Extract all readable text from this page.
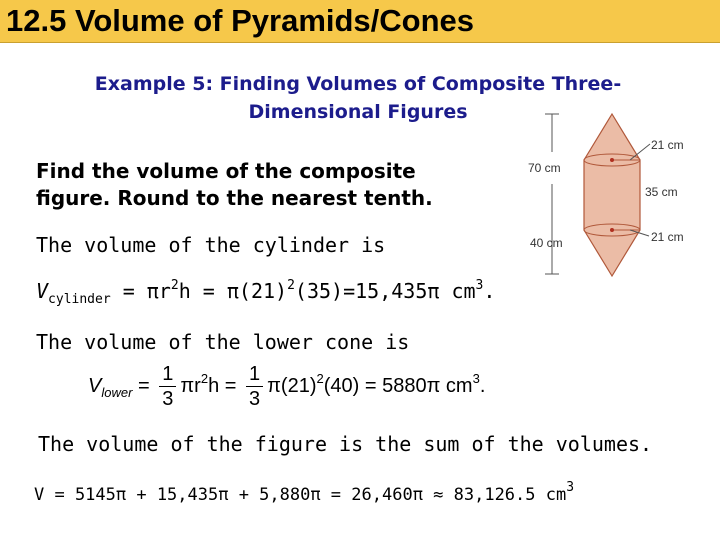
12.5 Volume of Pyramids/Cones
Example 5: Finding Volumes of Composite Three-
Dimensional Figures
Find the volume of the composite
figure. Round to the nearest tenth.
The volume of the cylinder is
$V_{cylinder} = \pi r^2h = \pi(21)^2(35)=15,435\pi$ $cm^3$.
The volume of the lower cone is
$V_{lower} = \frac{1}{3} \pi r^2h = \frac{1}{3} \pi(21)^2(40) = 5880\pi$ $cm^3$.
The volume of the figure is the sum of the volumes.
V = 5145π + 15,435π + 5,880π = 26,460π ≈ 83,126.5 $cm^3$
70 cm
40 cm
21 cm
35 cm
21 cm
